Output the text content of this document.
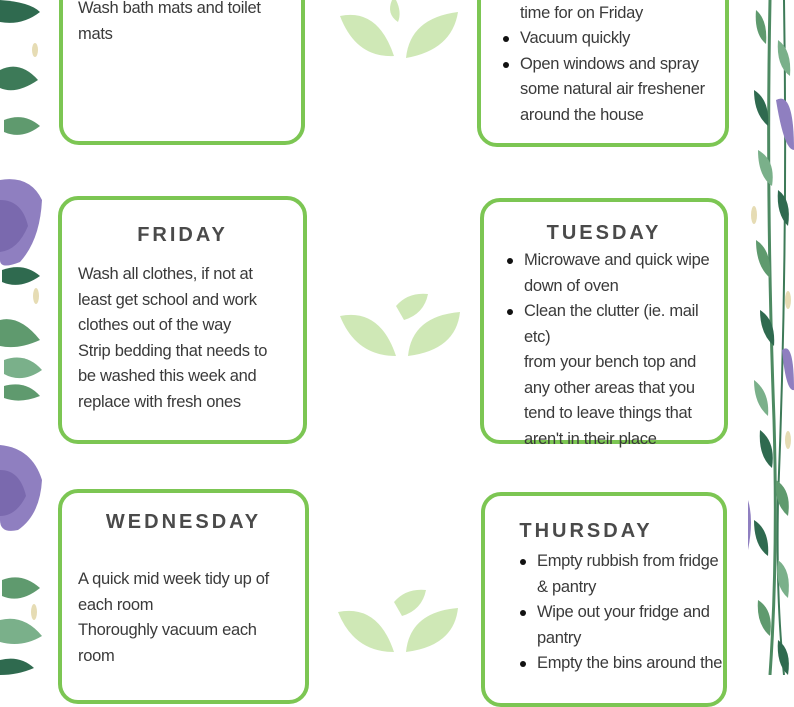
Wash bath mats and toilet
mats
time for on Friday
Vacuum quickly
Open windows and spray
some natural air freshener
around the house
FRIDAY
Wash all clothes, if not at
least get school and work
clothes out of the way
Strip bedding that needs to
be washed this week and
replace with fresh ones
TUESDAY
Microwave and quick wipe
down of oven
Clean the clutter (ie. mail etc)
from your bench top and
any other areas that you
tend to leave things that
aren't in their place
WEDNESDAY
A quick mid week tidy up of
each room
Thoroughly vacuum each
room
THURSDAY
Empty rubbish from fridge
& pantry
Wipe out your fridge and
pantry
Empty the bins around the
